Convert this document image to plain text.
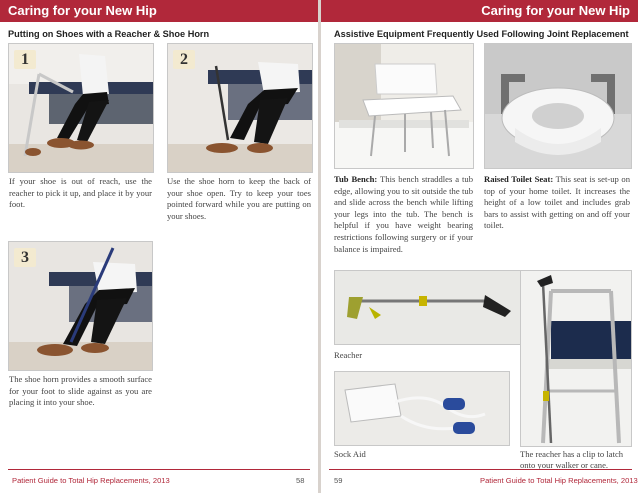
Caring for your New Hip
Putting on Shoes with a Reacher & Shoe Horn
1	2
If your shoe is out of reach, use the reacher to pick it up, and place it by your foot.
Use the shoe horn to keep the back of your shoe open. Try to keep your toes pointed forward while you are putting on your shoes.
3
The shoe horn provides a smooth surface for your foot to slide against as you are placing it into your shoe.
Patient Guide to Total Hip Replacements, 2013	58
Caring for your New Hip
Assistive Equipment Frequently Used Following Joint Replacement
Tub Bench: This bench straddles a tub edge, allowing you to sit outside the tub and slide across the bench while lifting your legs into the tub. The bench is helpful if you have weight bearing restrictions following surgery or if your balance is impaired.
Raised Toilet Seat: This seat is set-up on top of your home toilet. It increases the height of a low toilet and includes grab bars to assist with getting on and off your toilet.
Reacher
Sock Aid	The reacher has a clip to latch onto your walker or cane.
59	Patient Guide to Total Hip Replacements, 2013
